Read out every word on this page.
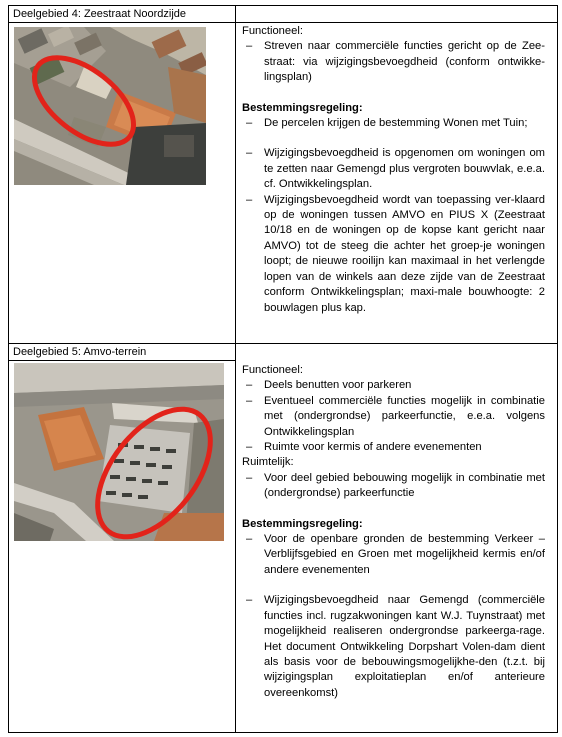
Deelgebied 4: Zeestraat Noordzijde
Deelgebied 5: Amvo-terrein

Functioneel:

– Streven naar commerciële functies gericht op de Zee-straat: via wijzigingsbevoegdheid (conform ontwikke-lingsplan)

Bestemmingsregeling:

– De percelen krijgen de bestemming Wonen met Tuin;

– Wijzigingsbevoegdheid is opgenomen om woningen om te zetten naar Gemengd plus vergroten bouwvlak, e.e.a. cf. Ontwikkelingsplan.

– Wijzigingsbevoegdheid wordt van toepassing ver-klaard op de woningen tussen AMVO en PIUS X (Zeestraat 10/18 en de woningen op de kopse kant gericht naar AMVO) tot de steeg die achter het groep-je woningen loopt; de nieuwe rooilijn kan maximaal in het verlengde lopen van de winkels aan deze zijde van de Zeestraat conform Ontwikkelingsplan; maxi-male bouwhoogte: 2 bouwlagen plus kap.

Functioneel:

– Deels benutten voor parkeren

– Eventueel commerciële functies mogelijk in combinatie met (ondergrondse) parkeerfunctie, e.e.a. volgens Ontwikkelingsplan

– Ruimte voor kermis of andere evenementen

Ruimtelijk:

– Voor deel gebied bebouwing mogelijk in combinatie met (ondergrondse) parkeerfunctie

Bestemmingsregeling:

– Voor de openbare gronden de bestemming Verkeer – Verblijfsgebied en Groen met mogelijkheid kermis en/of andere evenementen

– Wijzigingsbevoegdheid naar Gemengd (commerciële functies incl. rugzakwoningen kant W.J. Tuynstraat) met mogelijkheid realiseren ondergrondse parkeerga-rage. Het document Ontwikkeling Dorpshart Volen-dam dient als basis voor de bebouwingsmogelijkhe-den (t.z.t. bij wijzigingsplan exploitatieplan en/of anterieure overeenkomst)
